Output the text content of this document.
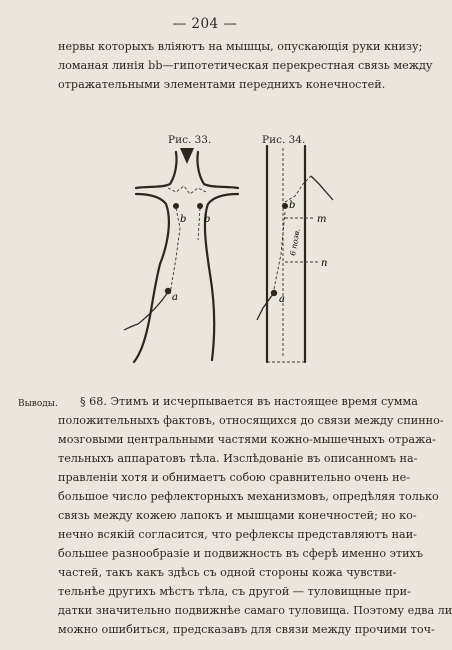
— 204 —
нервы которыхъ вліяютъ на мышцы, опускающія руки книзу;
ломаная линія bb—гипотетическая перекрестная связь между
отражательными элементами переднихъ конечностей.
Рис. 33.	Рис. 34.
b b
a
b
a
m
n
6 позв.
Выводы.	§ 68. Этимъ и исчерпывается въ настоящее время сумма
положительныхъ фактовъ, относящихся до связи между спинно-
мозговыми центральными частями кожно-мышечныхъ отража-
тельныхъ аппаратовъ тѣла. Изслѣдованіе въ описанномъ на-
правленіи хотя и обнимаетъ собою сравнительно очень не-
большое число рефлекторныхъ механизмовъ, опредѣляя только
связь между кожею лапокъ и мышцами конечностей; но ко-
нечно всякій согласится, что рефлексы представляютъ наи-
большее разнообразіе и подвижность въ сферѣ именно этихъ
частей, такъ какъ здѣсь съ одной стороны кожа чувстви-
тельнѣе другихъ мѣстъ тѣла, съ другой — туловищные при-
датки значительно подвижнѣе самаго туловища. Поэтому едва ли
можно ошибиться, предсказавъ для связи между прочими точ-
